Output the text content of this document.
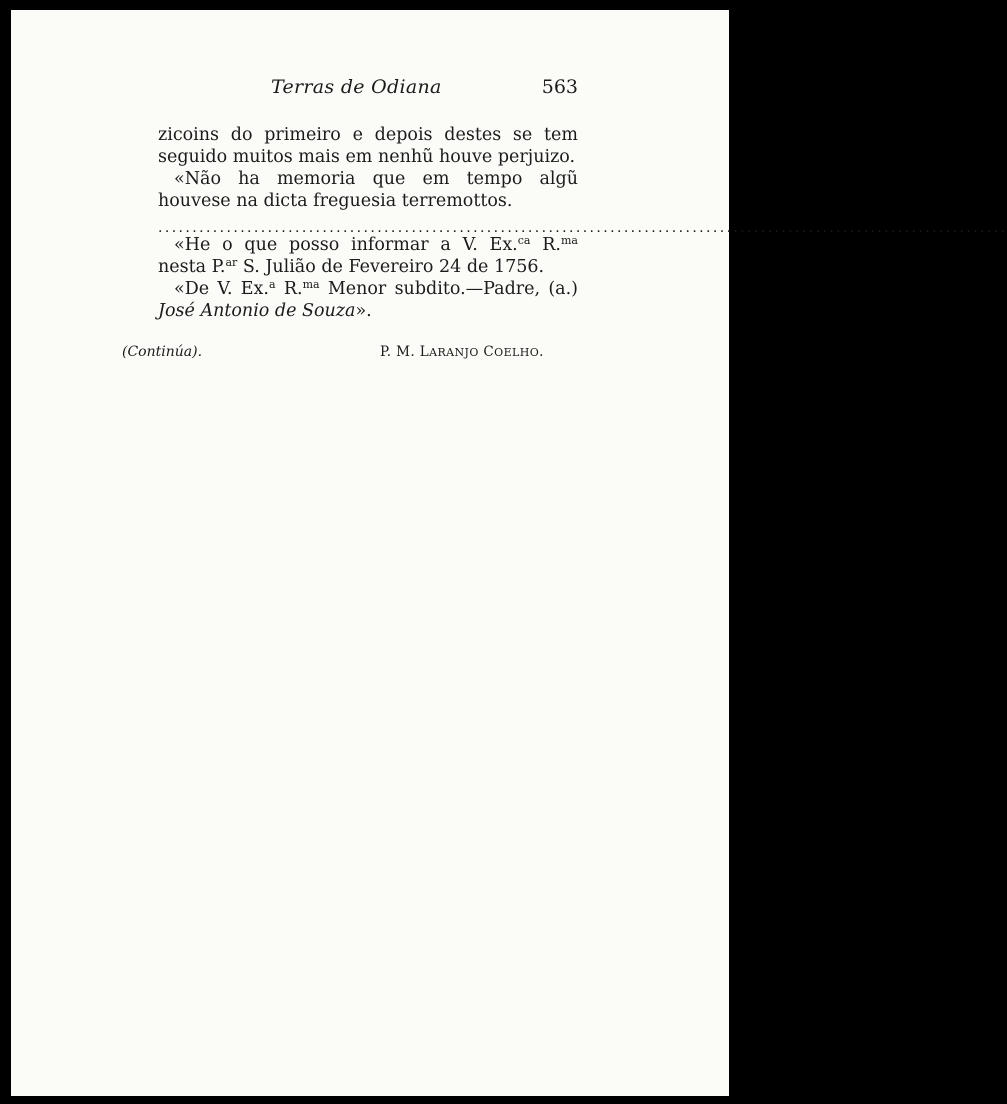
Terras de Odiana	563

zicoins do primeiro e depois destes se tem seguido muitos mais em nenhũ houve perjuizo.

«Não ha memoria que em tempo algũ houvese na dicta freguesia terremottos.

............................................................................................................................

«He o que posso informar a V. Ex.$^{ca}$ R.$^{ma}$ nesta P.$^{ar}$ S. Julião de Fevereiro 24 de 1756.

«De V. Ex.$^a$ R.$^{ma}$ Menor subdito.—Padre, (a.) José Antonio de Souza».

(Continúa).	P. M. LARANJO COELHO.
